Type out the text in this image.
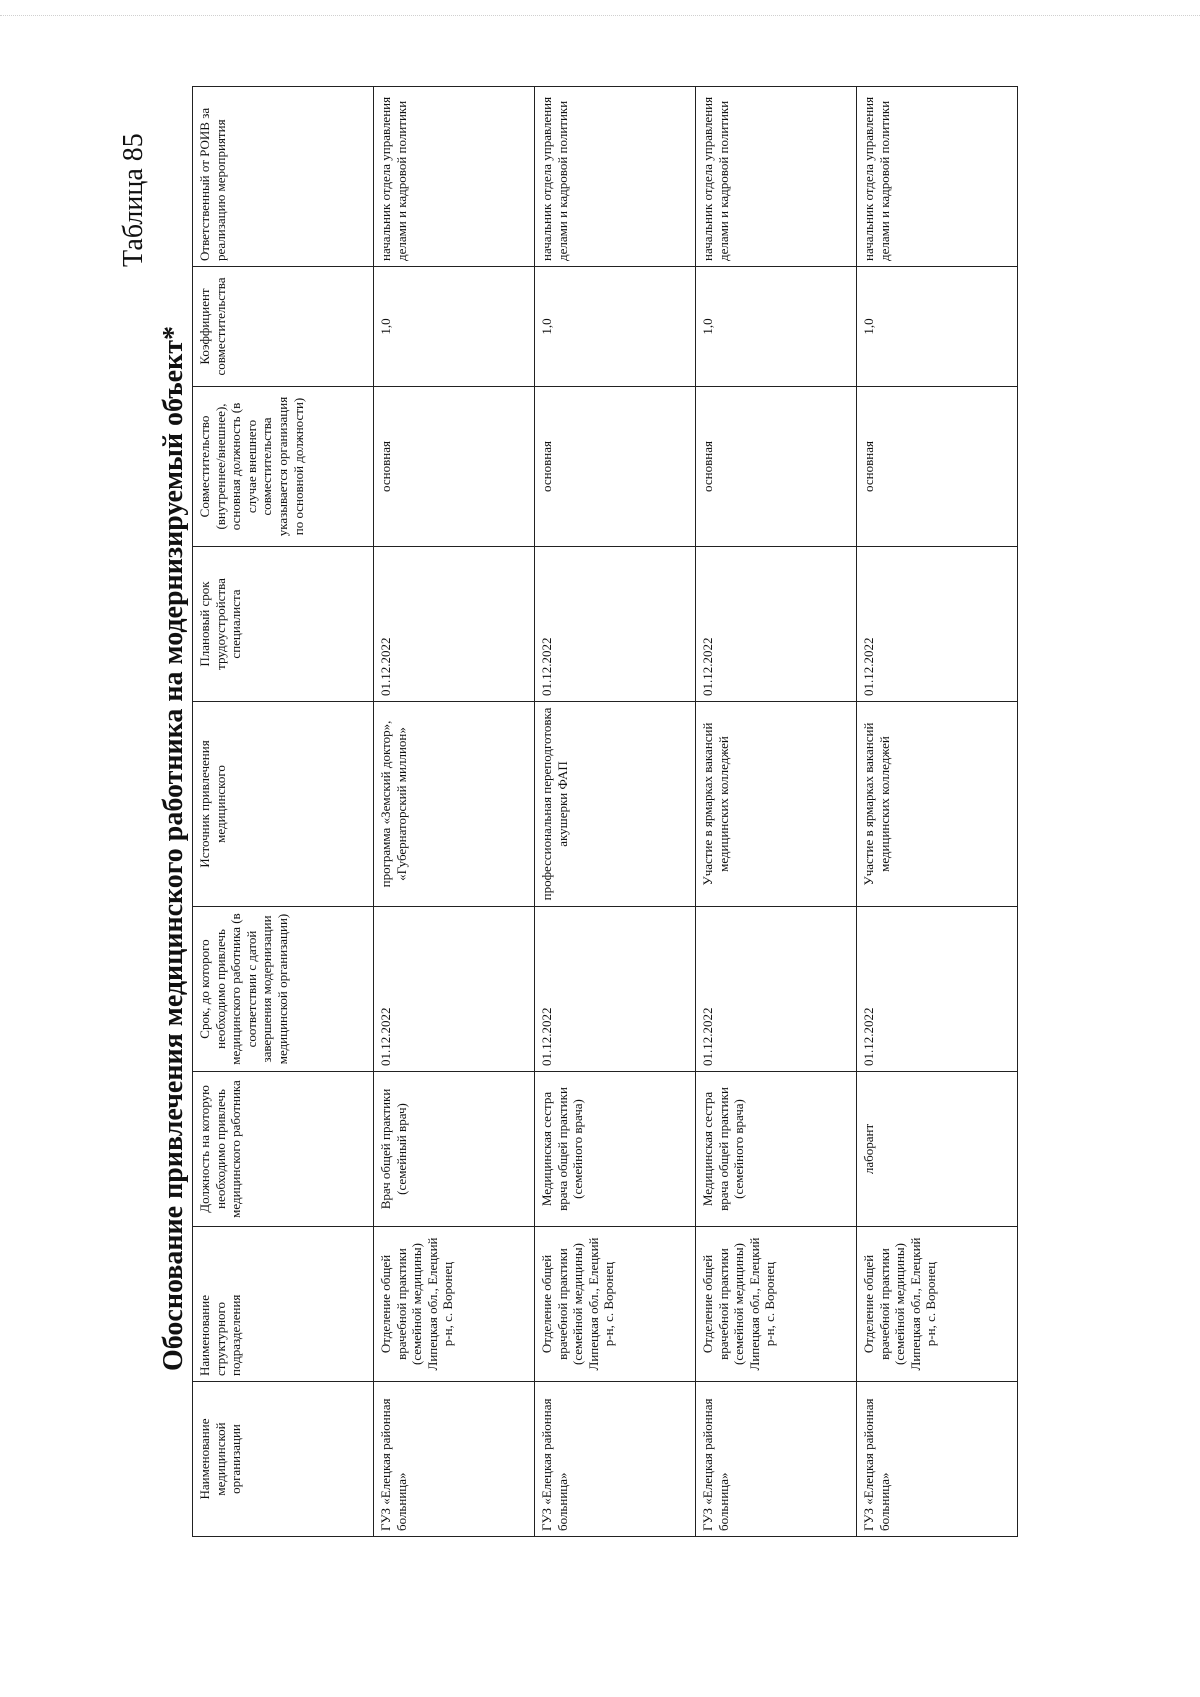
Таблица 85
Обоснование привлечения медицинского работника на модернизируемый объект*
Наименование медицинской организации	Наименование структурного подразделения	Должность на которую необходимо привлечь медицинского работника	Срок, до которого необходимо привлечь медицинского работника (в соответствии с датой завершения модернизации медицинской организации)	Источник привлечения медицинского	Плановый срок трудоустройства специалиста	Совместительство (внутреннее/внешнее), основная должность (в случае внешнего совместительства указывается организация по основной должности)	Коэффициент совместительства	Ответственный от РОИВ за реализацию мероприятия
ГУЗ «Елецкая районная больница»	Отделение общей врачебной практики (семейной медицины) Липецкая обл., Елецкий р-н, с. Воронец	Врач общей практики (семейный врач)	01.12.2022	программа «Земский доктор», «Губернаторский миллион»	01.12.2022	основная	1,0	начальник отдела управления делами и кадровой политики
ГУЗ «Елецкая районная больница»	Отделение общей врачебной практики (семейной медицины) Липецкая обл., Елецкий р-н, с. Воронец	Медицинская сестра врача общей практики (семейного врача)	01.12.2022	профессиональная переподготовка акушерки ФАП	01.12.2022	основная	1,0	начальник отдела управления делами и кадровой политики
ГУЗ «Елецкая районная больница»	Отделение общей врачебной практики (семейной медицины) Липецкая обл., Елецкий р-н, с. Воронец	Медицинская сестра врача общей практики (семейного врача)	01.12.2022	Участие в ярмарках вакансий медицинских колледжей	01.12.2022	основная	1,0	начальник отдела управления делами и кадровой политики
ГУЗ «Елецкая районная больница»	Отделение общей врачебной практики (семейной медицины) Липецкая обл., Елецкий р-н, с. Воронец	лаборант	01.12.2022	Участие в ярмарках вакансий медицинских колледжей	01.12.2022	основная	1,0	начальник отдела управления делами и кадровой политики
